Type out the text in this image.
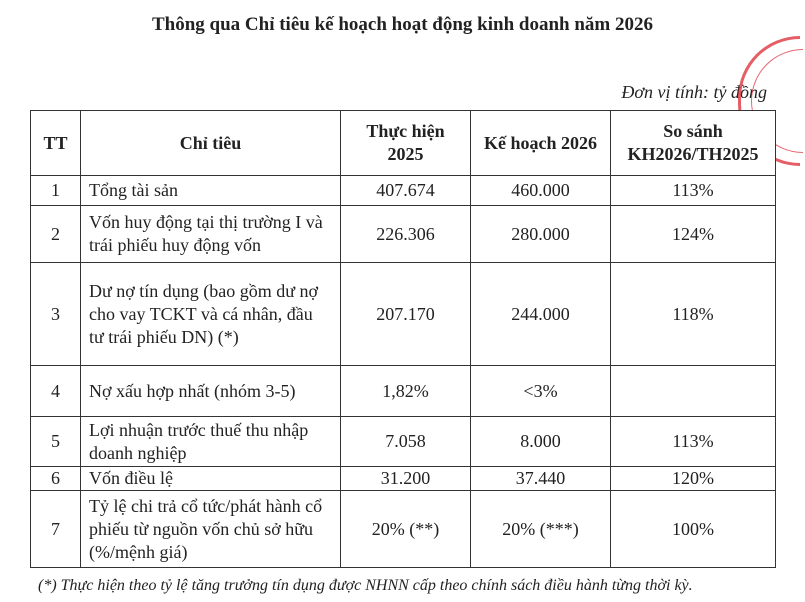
Thông qua Chỉ tiêu kế hoạch hoạt động kinh doanh năm 2026
Đơn vị tính: tỷ đồng
TT	Chỉ tiêu	Thực hiện 2025	Kế hoạch 2026	So sánh KH2026/TH2025
1	Tổng tài sản	407.674	460.000	113%
2	Vốn huy động tại thị trường I và trái phiếu huy động vốn	226.306	280.000	124%
3	Dư nợ tín dụng (bao gồm dư nợ cho vay TCKT và cá nhân, đầu tư trái phiếu DN) (*)	207.170	244.000	118%
4	Nợ xấu hợp nhất (nhóm 3-5)	1,82%	<3%	
5	Lợi nhuận trước thuế thu nhập doanh nghiệp	7.058	8.000	113%
6	Vốn điều lệ	31.200	37.440	120%
7	Tỷ lệ chi trả cổ tức/phát hành cổ phiếu từ nguồn vốn chủ sở hữu (%/mệnh giá)	20% (**)	20% (***)	100%
(*) Thực hiện theo tỷ lệ tăng trưởng tín dụng được NHNN cấp theo chính sách điều hành từng thời kỳ.
